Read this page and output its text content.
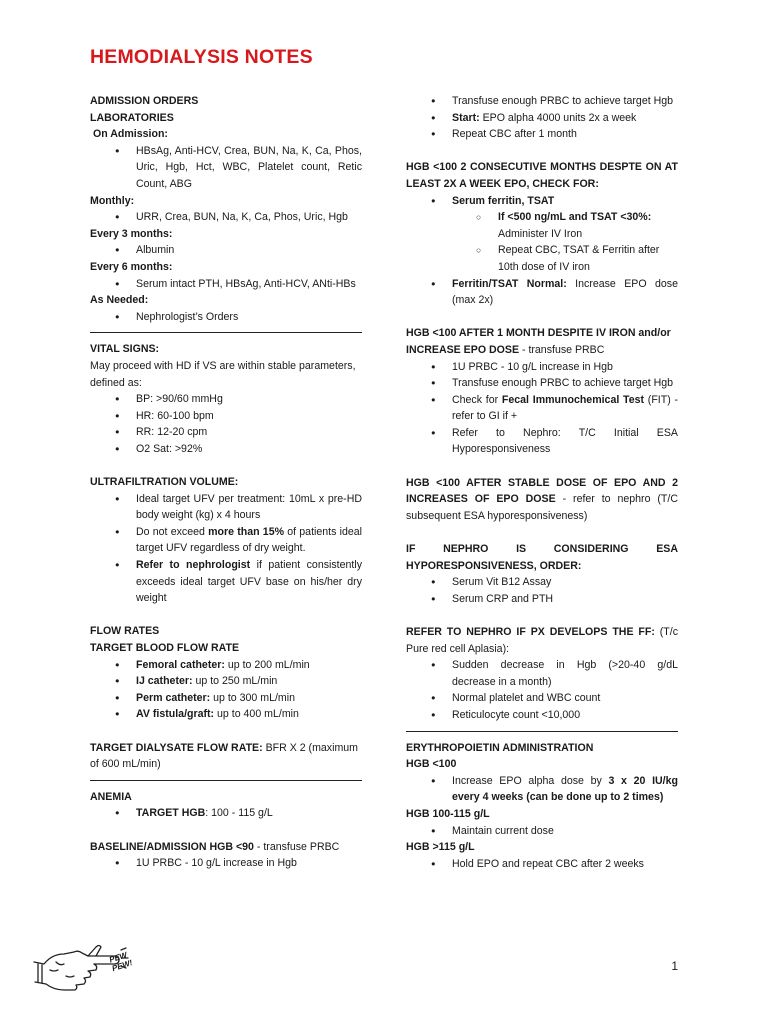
HEMODIALYSIS NOTES

ADMISSION ORDERS

LABORATORIES

On Admission:

● HBsAg, Anti-HCV, Crea, BUN, Na, K, Ca, Phos, Uric, Hgb, Hct, WBC, Platelet count, Retic Count, ABG

Monthly:

● URR, Crea, BUN, Na, K, Ca, Phos, Uric, Hgb

Every 3 months:

● Albumin

Every 6 months:

● Serum intact PTH, HBsAg, Anti-HCV, ANti-HBs

As Needed:

● Nephrologist’s Orders

VITAL SIGNS:

May proceed with HD if VS are within stable parameters, defined as:

● BP: >90/60 mmHg
● HR: 60-100 bpm
● RR: 12-20 cpm
● O2 Sat: >92%

ULTRAFILTRATION VOLUME:

● Ideal target UFV per treatment: 10mL x pre-HD body weight (kg) x 4 hours
● Do not exceed more than 15% of patients ideal target UFV regardless of dry weight.
● Refer to nephrologist if patient consistently exceeds ideal target UFV base on his/her dry weight

FLOW RATES

TARGET BLOOD FLOW RATE

● Femoral catheter: up to 200 mL/min
● IJ catheter: up to 250 mL/min
● Perm catheter: up to 300 mL/min
● AV fistula/graft: up to 400 mL/min

TARGET DIALYSATE FLOW RATE: BFR X 2 (maximum of 600 mL/min)

ANEMIA

● TARGET HGB: 100 - 115 g/L

BASELINE/ADMISSION HGB <90 - transfuse PRBC

● 1U PRBC - 10 g/L increase in Hgb
● Transfuse enough PRBC to achieve target Hgb
● Start: EPO alpha 4000 units 2x a week
● Repeat CBC after 1 month

HGB <100 2 CONSECUTIVE MONTHS DESPTE ON AT LEAST 2X A WEEK EPO, CHECK FOR:

● Serum ferritin, TSAT
○ If <500 ng/mL and TSAT <30%: Administer IV Iron
○ Repeat CBC, TSAT & Ferritin after 10th dose of IV iron
● Ferritin/TSAT Normal: Increase EPO dose (max 2x)

HGB <100 AFTER 1 MONTH DESPITE IV IRON and/or INCREASE EPO DOSE - transfuse PRBC

● 1U PRBC - 10 g/L increase in Hgb
● Transfuse enough PRBC to achieve target Hgb
● Check for Fecal Immunochemical Test (FIT) - refer to GI if +
● Refer to Nephro: T/C Initial ESA Hyporesponsiveness

HGB <100 AFTER STABLE DOSE OF EPO AND 2 INCREASES OF EPO DOSE - refer to nephro (T/C subsequent ESA hyporesponsiveness)

IF NEPHRO IS CONSIDERING ESA HYPORESPONSIVENESS, ORDER:

● Serum Vit B12 Assay
● Serum CRP and PTH

REFER TO NEPHRO IF PX DEVELOPS THE FF: (T/c Pure red cell Aplasia):

● Sudden decrease in Hgb (>20-40 g/dL decrease in a month)
● Normal platelet and WBC count
● Reticulocyte count <10,000

ERYTHROPOIETIN ADMINISTRATION

HGB <100

● Increase EPO alpha dose by 3 x 20 IU/kg every 4 weeks (can be done up to 2 times)

HGB 100-115 g/L

● Maintain current dose

HGB >115 g/L

● Hold EPO and repeat CBC after 2 weeks
PEW PEW!	1
